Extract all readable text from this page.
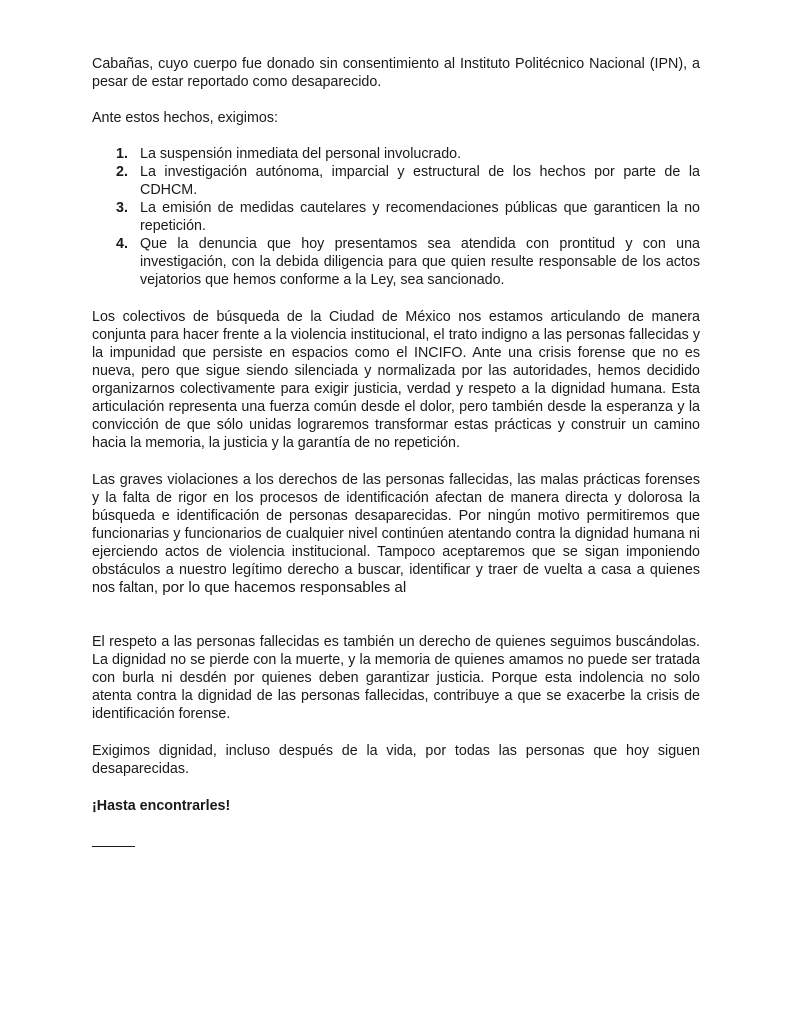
Cabañas, cuyo cuerpo fue donado sin consentimiento al Instituto Politécnico Nacional (IPN), a pesar de estar reportado como desaparecido.

Ante estos hechos, exigimos:

1. La suspensión inmediata del personal involucrado.
2. La investigación autónoma, imparcial y estructural de los hechos por parte de la CDHCM.
3. La emisión de medidas cautelares y recomendaciones públicas que garanticen la no repetición.
4. Que la denuncia que hoy presentamos sea atendida con prontitud y con una investigación, con la debida diligencia para que quien resulte responsable de los actos vejatorios que hemos conforme a la Ley, sea sancionado.

Los colectivos de búsqueda de la Ciudad de México nos estamos articulando de manera conjunta para hacer frente a la violencia institucional, el trato indigno a las personas fallecidas y la impunidad que persiste en espacios como el INCIFO. Ante una crisis forense que no es nueva, pero que sigue siendo silenciada y normalizada por las autoridades, hemos decidido organizarnos colectivamente para exigir justicia, verdad y respeto a la dignidad humana. Esta articulación representa una fuerza común desde el dolor, pero también desde la esperanza y la convicción de que sólo unidas lograremos transformar estas prácticas y construir un camino hacia la memoria, la justicia y la garantía de no repetición.

Las graves violaciones a los derechos de las personas fallecidas, las malas prácticas forenses y la falta de rigor en los procesos de identificación afectan de manera directa y dolorosa la búsqueda e identificación de personas desaparecidas. Por ningún motivo permitiremos que funcionarias y funcionarios de cualquier nivel continúen atentando contra la dignidad humana ni ejerciendo actos de violencia institucional. Tampoco aceptaremos que se sigan imponiendo obstáculos a nuestro legítimo derecho a buscar, identificar y traer de vuelta a casa a quienes nos faltan, por lo que hacemos responsables al

El respeto a las personas fallecidas es también un derecho de quienes seguimos buscándolas. La dignidad no se pierde con la muerte, y la memoria de quienes amamos no puede ser tratada con burla ni desdén por quienes deben garantizar justicia. Porque esta indolencia no solo atenta contra la dignidad de las personas fallecidas, contribuye a que se exacerbe la crisis de identificación forense.

Exigimos dignidad, incluso después de la vida, por todas las personas que hoy siguen desaparecidas.

¡Hasta encontrarles!
